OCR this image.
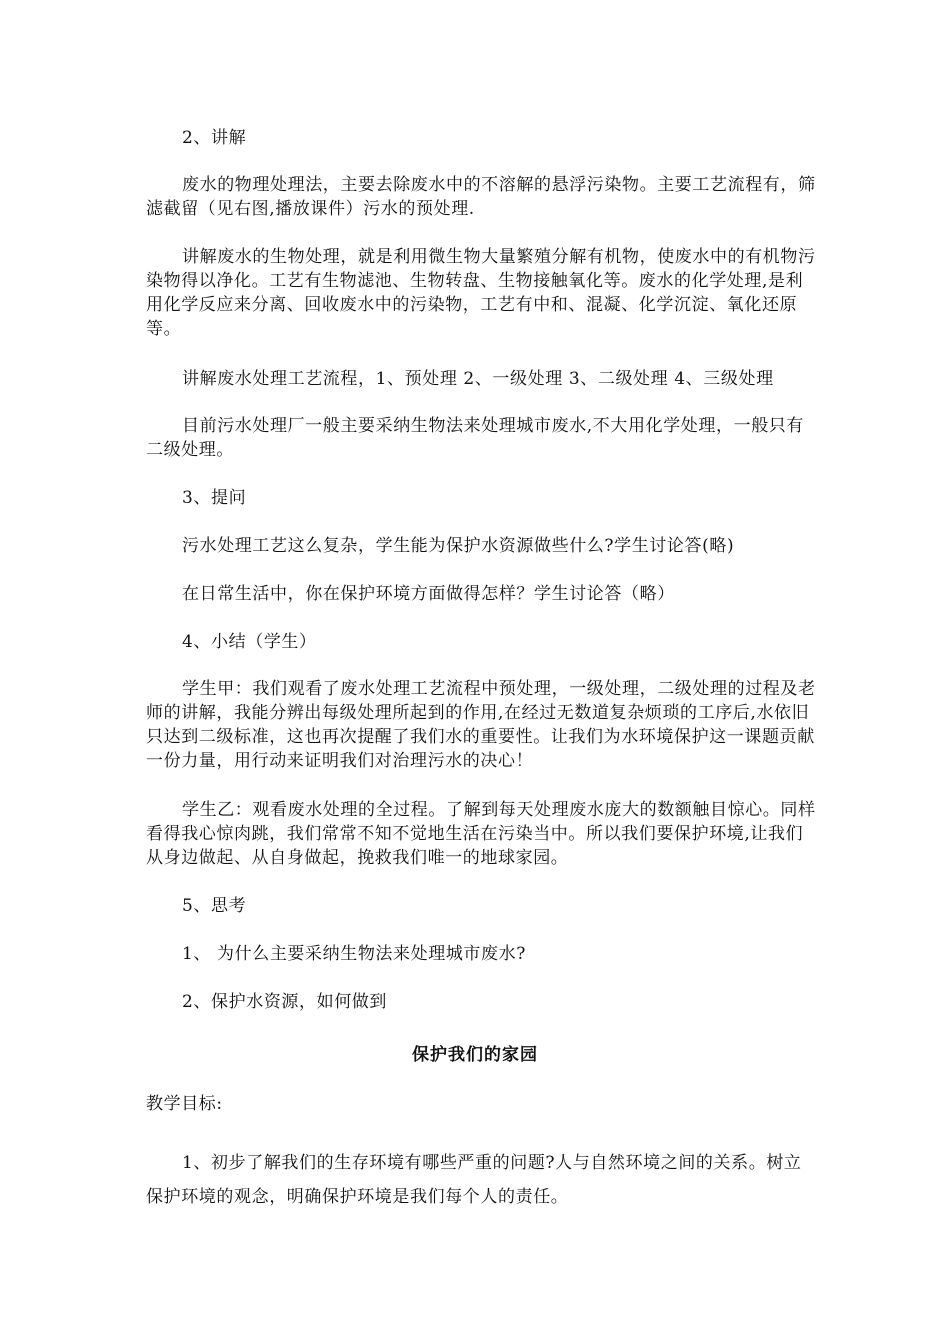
2、讲解

废水的物理处理法，主要去除废水中的不溶解的悬浮污染物。主要工艺流程有，筛滤截留（见右图,播放课件）污水的预处理.

讲解废水的生物处理，就是利用微生物大量繁殖分解有机物，使废水中的有机物污染物得以净化。工艺有生物滤池、生物转盘、生物接触氧化等。废水的化学处理,是利用化学反应来分离、回收废水中的污染物，工艺有中和、混凝、化学沉淀、氧化还原等。

讲解废水处理工艺流程，1、预处理 2、一级处理 3、二级处理 4、三级处理

目前污水处理厂一般主要采纳生物法来处理城市废水,不大用化学处理，一般只有二级处理。

3、提问

污水处理工艺这么复杂，学生能为保护水资源做些什么?学生讨论答(略)

在日常生活中，你在保护环境方面做得怎样？学生讨论答（略）

4、小结（学生）

学生甲：我们观看了废水处理工艺流程中预处理，一级处理，二级处理的过程及老师的讲解，我能分辨出每级处理所起到的作用,在经过无数道复杂烦琐的工序后,水依旧只达到二级标准，这也再次提醒了我们水的重要性。让我们为水环境保护这一课题贡献一份力量，用行动来证明我们对治理污水的决心！

学生乙：观看废水处理的全过程。了解到每天处理废水庞大的数额触目惊心。同样看得我心惊肉跳，我们常常不知不觉地生活在污染当中。所以我们要保护环境,让我们从身边做起、从自身做起，挽救我们唯一的地球家园。

5、思考

1、 为什么主要采纳生物法来处理城市废水?

2、保护水资源，如何做到

保护我们的家园

教学目标:

1、初步了解我们的生存环境有哪些严重的问题?人与自然环境之间的关系。树立保护环境的观念，明确保护环境是我们每个人的责任。
